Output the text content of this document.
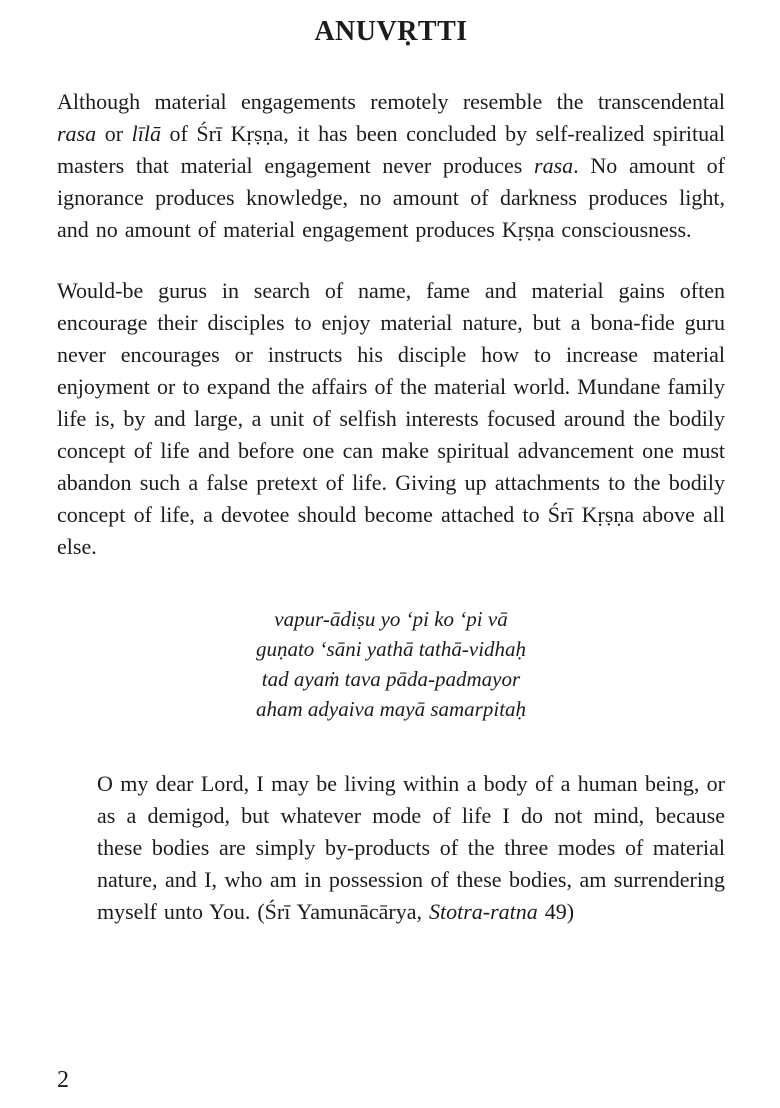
ANUVṚTTI

Although material engagements remotely resemble the transcendental rasa or līlā of Śrī Kṛṣṇa, it has been concluded by self-realized spiritual masters that material engagement never produces rasa. No amount of ignorance produces knowledge, no amount of darkness produces light, and no amount of material engagement produces Kṛṣṇa consciousness.

Would-be gurus in search of name, fame and material gains often encourage their disciples to enjoy material nature, but a bona-fide guru never encourages or instructs his disciple how to increase material enjoyment or to expand the affairs of the material world. Mundane family life is, by and large, a unit of selfish interests focused around the bodily concept of life and before one can make spiritual advancement one must abandon such a false pretext of life. Giving up attachments to the bodily concept of life, a devotee should become attached to Śrī Kṛṣṇa above all else.

vapur-ādiṣu yo ‘pi ko ‘pi vā
guṇato ‘sāni yathā tathā-vidhaḥ
tad ayaṁ tava pāda-padmayor
aham adyaiva mayā samarpitaḥ

O my dear Lord, I may be living within a body of a human being, or as a demigod, but whatever mode of life I do not mind, because these bodies are simply by-products of the three modes of material nature, and I, who am in possession of these bodies, am surrendering myself unto You. (Śrī Yamunācārya, Stotra-ratna 49)

2
